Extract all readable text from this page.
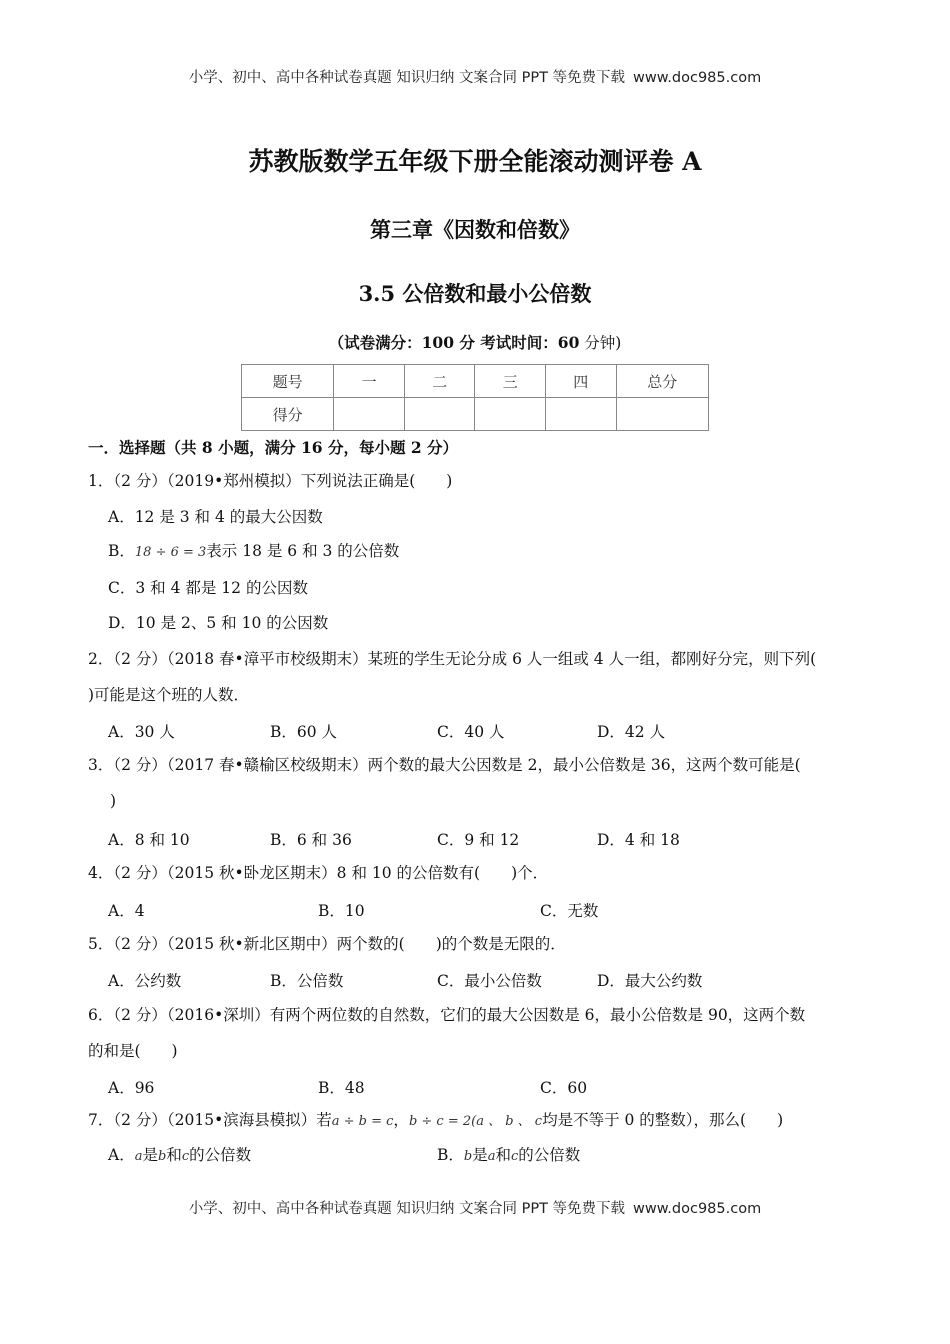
小学、初中、高中各种试卷真题 知识归纳 文案合同 PPT 等免费下载 www.doc985.com
苏教版数学五年级下册全能滚动测评卷 A
第三章《因数和倍数》
3.5 公倍数和最小公倍数
（试卷满分：100 分 考试时间：60 分钟)
题号	一	二	三	四	总分
得分					
一．选择题（共 8 小题，满分 16 分，每小题 2 分）
1．（2 分）（2019•郑州模拟）下列说法正确是(　　)
A．12 是 3 和 4 的最大公因数
B．18 ÷ 6 = 3表示 18 是 6 和 3 的公倍数
C．3 和 4 都是 12 的公因数
D．10 是 2、5 和 10 的公因数
2．（2 分）（2018 春•漳平市校级期末）某班的学生无论分成 6 人一组或 4 人一组，都刚好分完，则下列(
)可能是这个班的人数．
A．30 人	B．60 人	C．40 人	D．42 人
3．（2 分）（2017 春•赣榆区校级期末）两个数的最大公因数是 2，最小公倍数是 36，这两个数可能是(
)
A．8 和 10	B．6 和 36	C．9 和 12	D．4 和 18
4．（2 分）（2015 秋•卧龙区期末）8 和 10 的公倍数有(　　)个．
A．4	B．10	C．无数
5．（2 分）（2015 秋•新北区期中）两个数的(　　)的个数是无限的．
A．公约数	B．公倍数	C．最小公倍数	D．最大公约数
6．（2 分）（2016•深圳）有两个两位数的自然数，它们的最大公因数是 6，最小公倍数是 90，这两个数
的和是(　　)
A．96	B．48	C．60
7．（2 分）（2015•滨海县模拟）若a ÷ b = c，b ÷ c = 2(a 、 b 、 c均是不等于 0 的整数），那么(　　)
A．a是b和c的公倍数	B．b是a和c的公倍数
小学、初中、高中各种试卷真题 知识归纳 文案合同 PPT 等免费下载 www.doc985.com
